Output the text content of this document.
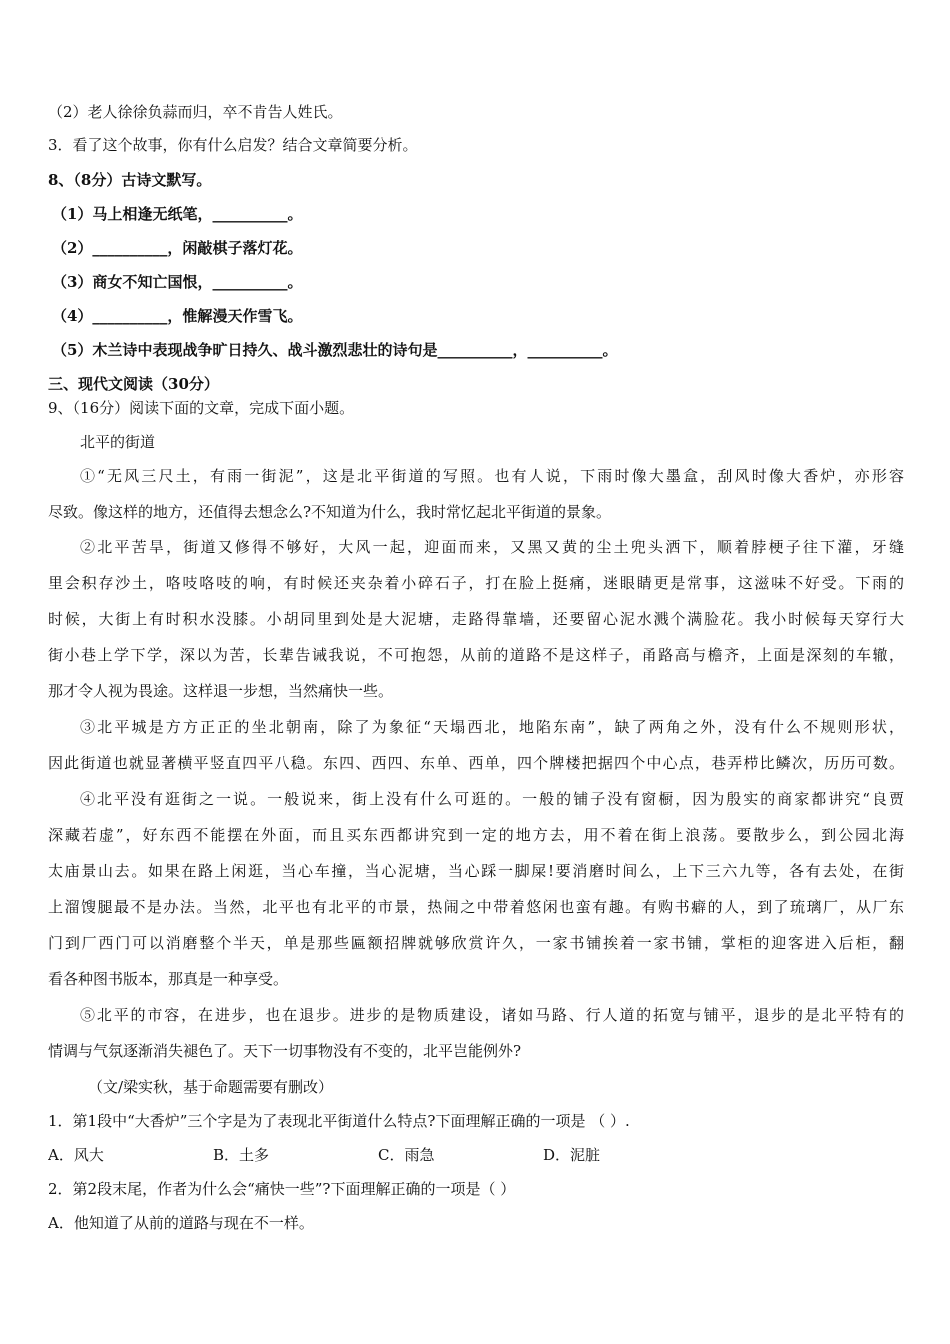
（2）老人徐徐负蒜而归，卒不肯告人姓氏。
3．看了这个故事，你有什么启发？结合文章简要分析。
8、（8分）古诗文默写。
（1）马上相逢无纸笔，__________。
（2）__________，闲敲棋子落灯花。
（3）商女不知亡国恨，__________。
（4）__________，惟解漫天作雪飞。
（5）木兰诗中表现战争旷日持久、战斗激烈悲壮的诗句是__________，__________。
三、现代文阅读（30分）
9、（16分）阅读下面的文章，完成下面小题。
北平的街道
①“无风三尺土，有雨一街泥”，这是北平街道的写照。也有人说，下雨时像大墨盒，刮风时像大香炉，亦形容
尽致。像这样的地方，还值得去想念么?不知道为什么，我时常忆起北平街道的景象。
②北平苦旱，街道又修得不够好，大风一起，迎面而来，又黑又黄的尘土兜头洒下，顺着脖梗子往下灌，牙缝
里会积存沙土，咯吱咯吱的响，有时候还夹杂着小碎石子，打在脸上挺痛，迷眼睛更是常事，这滋味不好受。下雨的
时候，大街上有时积水没膝。小胡同里到处是大泥塘，走路得靠墙，还要留心泥水溅个满脸花。我小时候每天穿行大
街小巷上学下学，深以为苦，长辈告诫我说，不可抱怨，从前的道路不是这样子，甬路高与檐齐，上面是深刻的车辙，
那才令人视为畏途。这样退一步想，当然痛快一些。
③北平城是方方正正的坐北朝南，除了为象征“天塌西北，地陷东南”，缺了两角之外，没有什么不规则形状，
因此街道也就显著横平竖直四平八稳。东四、西四、东单、西单，四个牌楼把据四个中心点，巷弄栉比鳞次，历历可数。
④北平没有逛街之一说。一般说来，街上没有什么可逛的。一般的铺子没有窗橱，因为殷实的商家都讲究“良贾
深藏若虚”，好东西不能摆在外面，而且买东西都讲究到一定的地方去，用不着在街上浪荡。要散步么，到公园北海
太庙景山去。如果在路上闲逛，当心车撞，当心泥塘，当心踩一脚屎!要消磨时间么，上下三六九等，各有去处，在街
上溜馊腿最不是办法。当然，北平也有北平的市景，热闹之中带着悠闲也蛮有趣。有购书癖的人，到了琉璃厂，从厂东
门到厂西门可以消磨整个半天，单是那些匾额招牌就够欣赏许久，一家书铺挨着一家书铺，掌柜的迎客进入后柜，翻
看各种图书版本，那真是一种享受。
⑤北平的市容，在进步，也在退步。进步的是物质建设，诸如马路、行人道的拓宽与铺平，退步的是北平特有的
情调与气氛逐渐消失褪色了。天下一切事物没有不变的，北平岂能例外?
（文/梁实秋，基于命题需要有删改）
1．第1段中“大香炉”三个字是为了表现北平街道什么特点?下面理解正确的一项是 （ ）.
A．风大	B．土多	C．雨急	D．泥脏
2．第2段末尾，作者为什么会“痛快一些”?下面理解正确的一项是（ ）
A．他知道了从前的道路与现在不一样。
